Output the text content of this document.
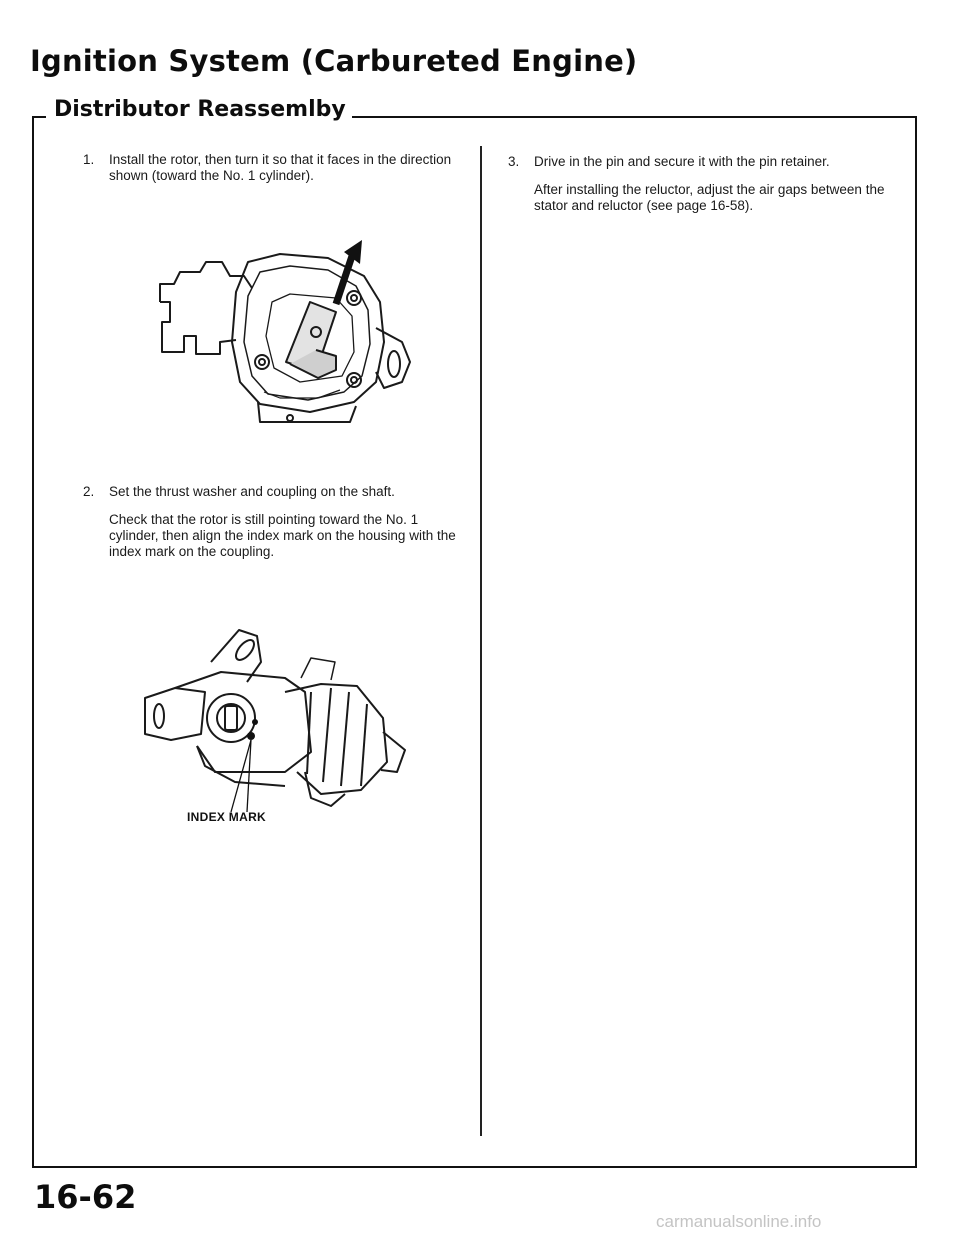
Ignition System (Carbureted Engine)
Distributor Reassemlby
1. Install the rotor, then turn it so that it faces in the direction shown (toward the No. 1 cylinder).

2. Set the thrust washer and coupling on the shaft.

Check that the rotor is still pointing toward the No. 1 cylinder, then align the index mark on the housing with the index mark on the coupling.

INDEX MARK
3. Drive in the pin and secure it with the pin retainer.

After installing the reluctor, adjust the air gaps between the stator and reluctor (see page 16-58).

16-62
carmanualsonline.info
